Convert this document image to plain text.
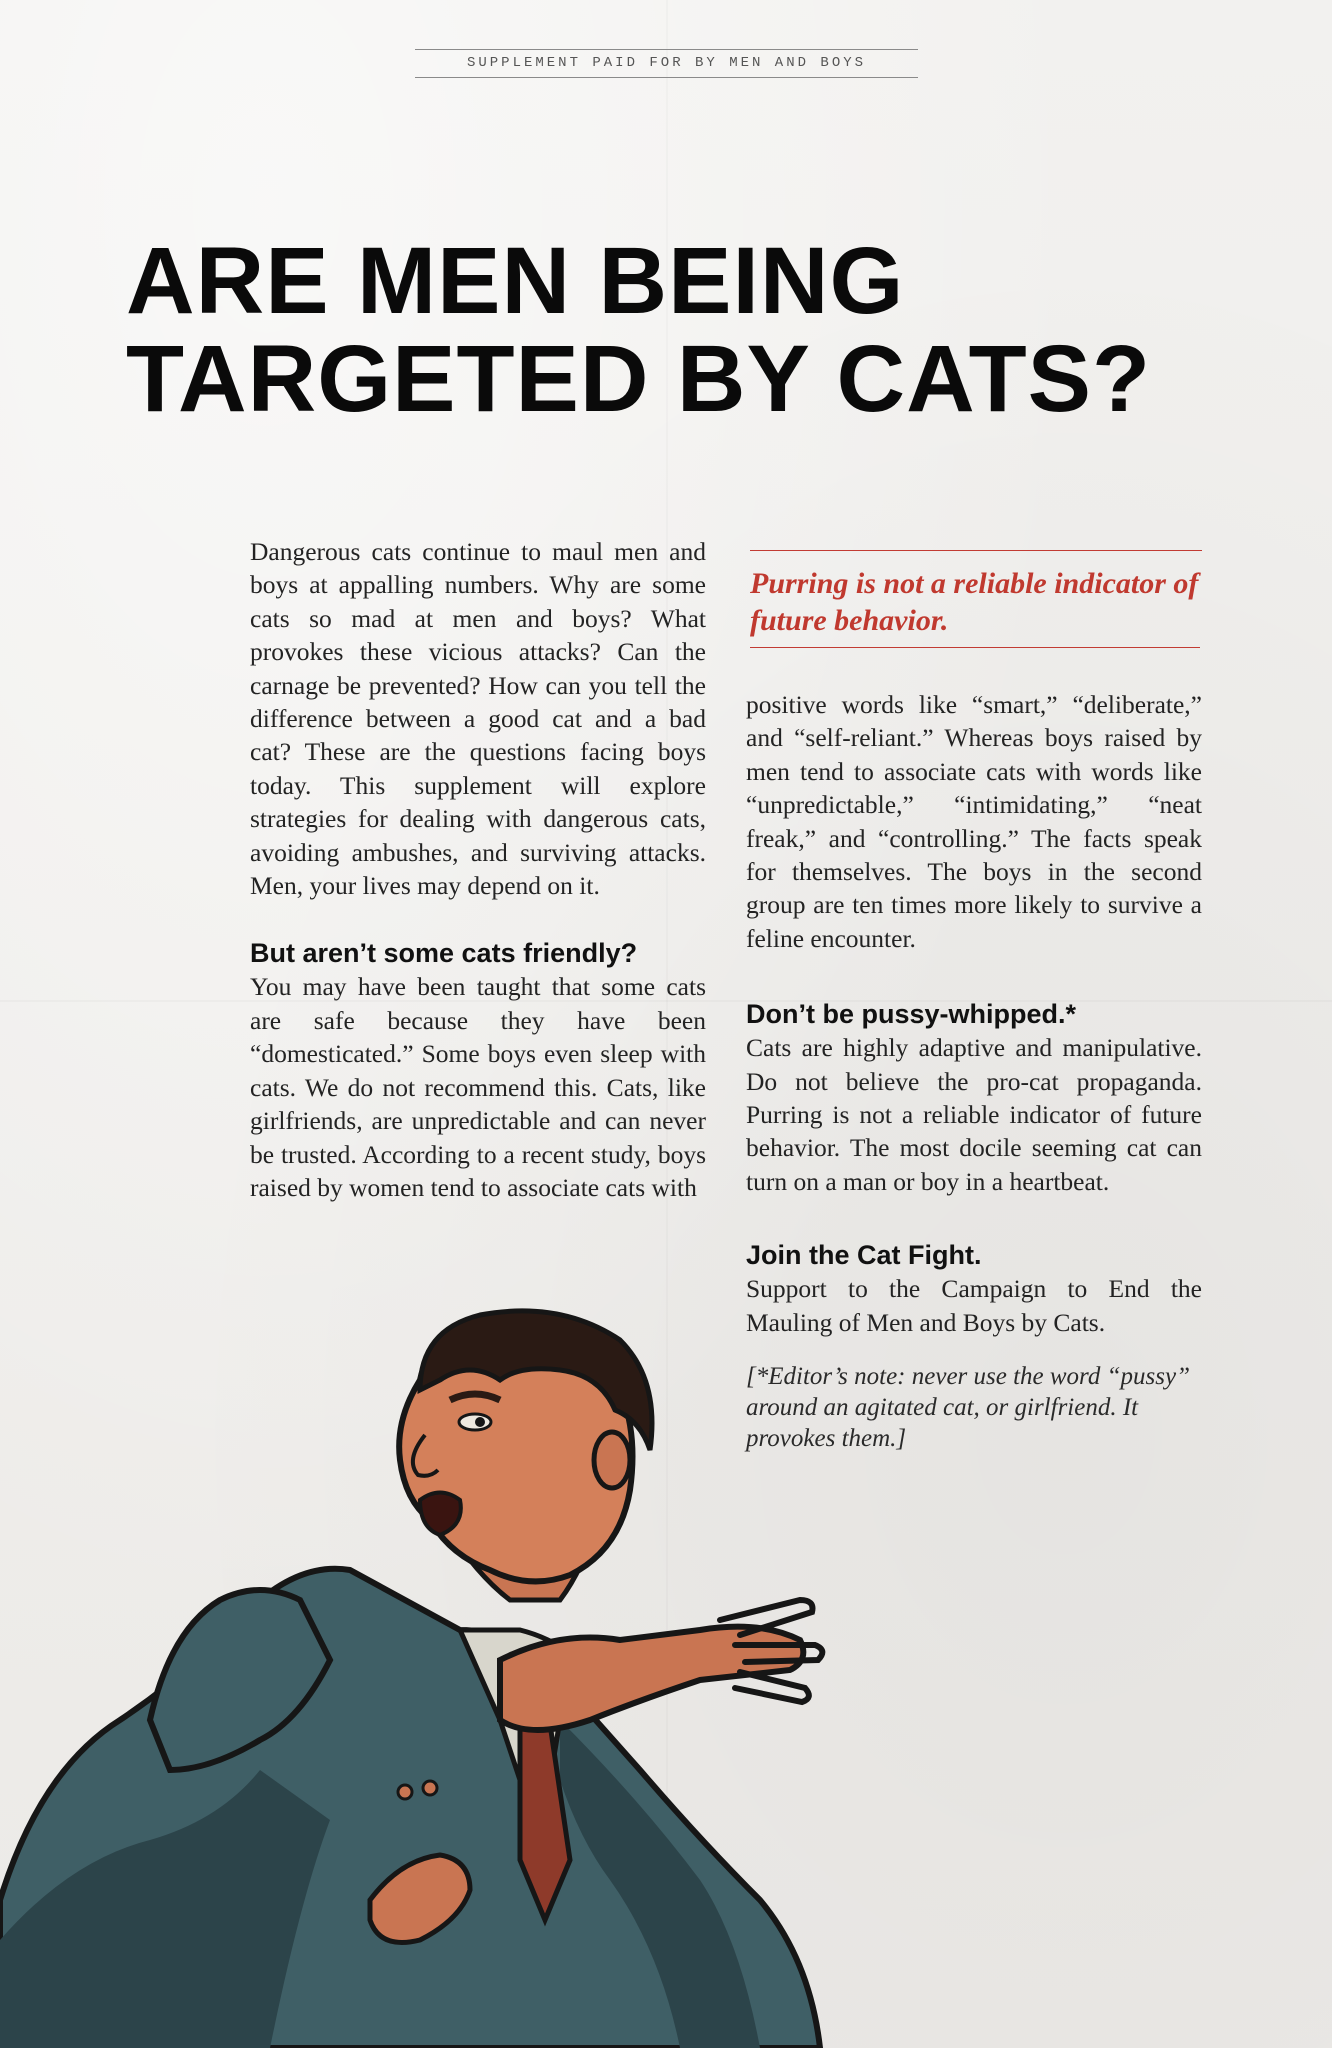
SUPPLEMENT PAID FOR BY MEN AND BOYS
ARE MEN BEING
TARGETED BY CATS?

Dangerous cats continue to maul men and boys at appalling numbers. Why are some cats so mad at men and boys? What provokes these vicious attacks? Can the carnage be prevented? How can you tell the difference between a good cat and a bad cat? These are the questions facing boys today. This supplement will explore strategies for dealing with dangerous cats, avoiding ambushes, and surviving attacks. Men, your lives may depend on it.

But aren’t some cats friendly?

You may have been taught that some cats are safe because they have been “domesticated.” Some boys even sleep with cats. We do not recommend this. Cats, like girlfriends, are unpredictable and can never be trusted. According to a recent study, boys raised by women tend to associate cats with

Purring is not a reliable indicator of future behavior.

positive words like “smart,” “deliberate,” and “self-reliant.” Whereas boys raised by men tend to associate cats with words like “unpredictable,” “intimidating,” “neat freak,” and “controlling.” The facts speak for themselves. The boys in the second group are ten times more likely to survive a feline encounter.

Don’t be pussy-whipped.*

Cats are highly adaptive and manipulative. Do not believe the pro-cat propaganda. Purring is not a reliable indicator of future behavior. The most docile seeming cat can turn on a man or boy in a heartbeat.

Join the Cat Fight.

Support to the Campaign to End the Mauling of Men and Boys by Cats.

[*Editor’s note: never use the word “pussy” around an agitated cat, or girlfriend. It provokes them.]
